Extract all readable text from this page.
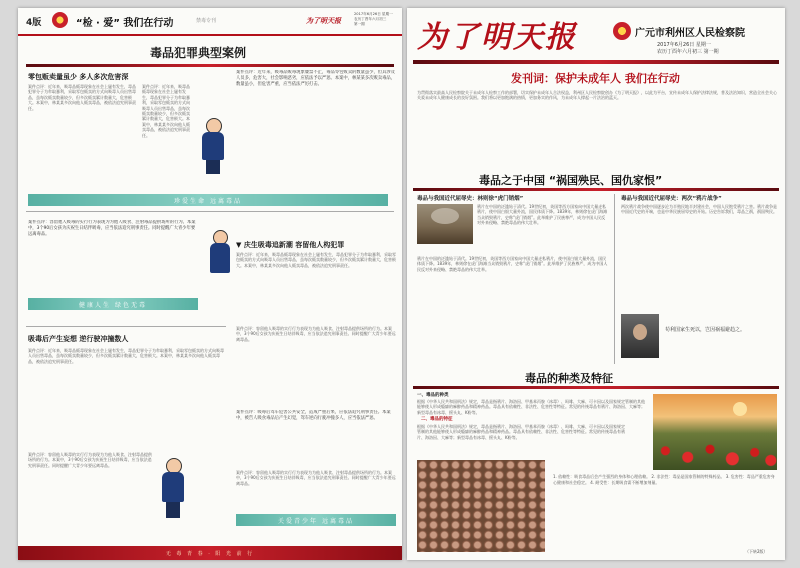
4版	“检 · 爱” 我们在行动	禁毒专刊	为了明天报
2017年6月26日 星期一
农历丁酉年六月初三
第一期
毒品犯罪典型案例
零包贩卖量虽少 多人多次危害深
案件点评：近年来，吸毒品贩毒现象在社会上屡有发生，毒品犯罪分子为牟取暴利，采取零包贩卖的方式向吸毒人员出售毒品，虽每次贩卖数量较少，但多次贩卖累计数量大，危害极大。本案中，林某某多次向他人贩卖毒品，被依法追究刑事责任。
案件点评：近年来，吸毒品贩毒现象在社会上屡有发生，毒品犯罪分子为牟取暴利，采取零包贩卖的方式向吸毒人员出售毒品，虽每次贩卖数量较少，但多次贩卖累计数量大，危害极大。本案中，林某某多次向他人贩卖毒品，被依法追究刑事责任。
案件点评：近年来，吸毒品贩毒现象屡禁不止，毒品零包贩卖的数量虽少，但其涉及人员多，危害大，社会影响恶劣，应依法予以严惩。本案中，林某某多次贩卖毒品，数量虽小，但危害严重，应当依法严厉打击。
珍爱生命 远离毒品
▼ 庆生吸毒追新潮 容留他人构犯罪
案件点评：容留他人吸毒的实行行为表现为为他人吸食、注射毒品提供场所的行为。本案中，3个90后女孩为庆祝生日结伴吸毒，应当依法追究刑事责任。同时提醒广大青少年要远离毒品。
案件点评：近年来，吸毒品贩毒现象在社会上屡有发生，毒品犯罪分子为牟取暴利，采取零包贩卖的方式向吸毒人员出售毒品，虽每次贩卖数量较少，但多次贩卖累计数量大，危害极大。本案中，林某某多次向他人贩卖毒品，被依法追究刑事责任。
健康人生 绿色无毒
案件点评：容留他人吸毒的实行行为表现为为他人吸食、注射毒品提供场所的行为。本案中，3个90后女孩为庆祝生日结伴吸毒，应当依法追究刑事责任。同时提醒广大青少年要远离毒品。
吸毒后产生妄想 逆行驶冲撞数人
案件点评：近年来，吸毒品贩毒现象在社会上屡有发生，毒品犯罪分子为牟取暴利，采取零包贩卖的方式向吸毒人员出售毒品，虽每次贩卖数量较少，但多次贩卖累计数量大，危害极大。本案中，林某某多次向他人贩卖毒品，被依法追究刑事责任。
案件点评：容留他人吸毒的实行行为表现为为他人吸食、注射毒品提供场所的行为。本案中，3个90后女孩为庆祝生日结伴吸毒，应当依法追究刑事责任。同时提醒广大青少年要远离毒品。
案件点评：吸毒后驾车危害公共安全，造成严重后果，应依法追究刑事责任。本案中，被告人吸食毒品后产生幻觉，驾车逆向行驶冲撞多人，应当依法严惩。
案件点评：容留他人吸毒的实行行为表现为为他人吸食、注射毒品提供场所的行为。本案中，3个90后女孩为庆祝生日结伴吸毒，应当依法追究刑事责任。同时提醒广大青少年要远离毒品。
关爱青少年 远离毒品
无 毒 青 春 · 阳 光 前 行
为了明天报	广元市利州区人民检察院
2017年6月26日 星期一
农历丁酉年六月初三 第一期
发刊词：保护未成年人 我们在行动
为贯彻落实最高人民检察院关于未成年人检察工作的部署，切实保护未成年人合法权益，利州区人民检察院创办《为了明天报》，以此为平台，宣传未成年人保护法律法规，普及法治知识，营造全社会关心关爱未成年人健康成长的良好氛围。我们将以更加饱满的热情，更加务实的作风，为未成年人撑起一片法治的蓝天。
毒品之于中国 “祸国殃民、国仇家恨”
毒品与我国近代屈辱史：林则徐“虎门销烟”	毒品与我国近代屈辱史：两次“鸦片战争”
鸦片在中国的泛滥始于清代。19世纪初，英国等西方国家向中国大量走私鸦片，使中国白银大量外流，国民体质下降。1839年，林则徐在虎门海滩当众销毁鸦片，史称“虎门销烟”。此举维护了民族尊严，成为中国人民反对外来侵略、禁绝毒品的伟大壮举。
鸦片在中国的泛滥始于清代。19世纪初，英国等西方国家向中国大量走私鸦片，使中国白银大量外流，国民体质下降。1839年，林则徐在虎门海滩当众销毁鸦片，史称“虎门销烟”。此举维护了民族尊严，成为中国人民反对外来侵略、禁绝毒品的伟大壮举。
两次鸦片战争使中国逐步沦为半殖民地半封建社会，中国人民饱受鸦片之害。鸦片战争是中国近代史的开端，也是中华民族屈辱史的开始。历史告诉我们，毒品之祸，祸国殃民。
苟利国家生死以，岂因祸福避趋之。
毒品的种类及特征
一、毒品的种类
二、毒品的特征
根据《中华人民共和国刑法》规定，毒品是指鸦片、海洛因、甲基苯丙胺（冰毒）、吗啡、大麻、可卡因以及国家规定管制的其他能够使人形成瘾癖的麻醉药品和精神药品。毒品具有依赖性、非法性、危害性等特征。常见的传统毒品有鸦片、海洛因、大麻等；新型毒品有冰毒、摇头丸、K粉等。
根据《中华人民共和国刑法》规定，毒品是指鸦片、海洛因、甲基苯丙胺（冰毒）、吗啡、大麻、可卡因以及国家规定管制的其他能够使人形成瘾癖的麻醉药品和精神药品。毒品具有依赖性、非法性、危害性等特征。常见的传统毒品有鸦片、海洛因、大麻等；新型毒品有冰毒、摇头丸、K粉等。
1. 依赖性：吸食毒品后会产生强烈的身体和心理依赖。 2. 非法性：毒品是国家管制的特殊药品。 3. 危害性：毒品严重危害身心健康和社会稳定。 4. 耐受性：长期吸食需不断增加剂量。
（下转2版）
